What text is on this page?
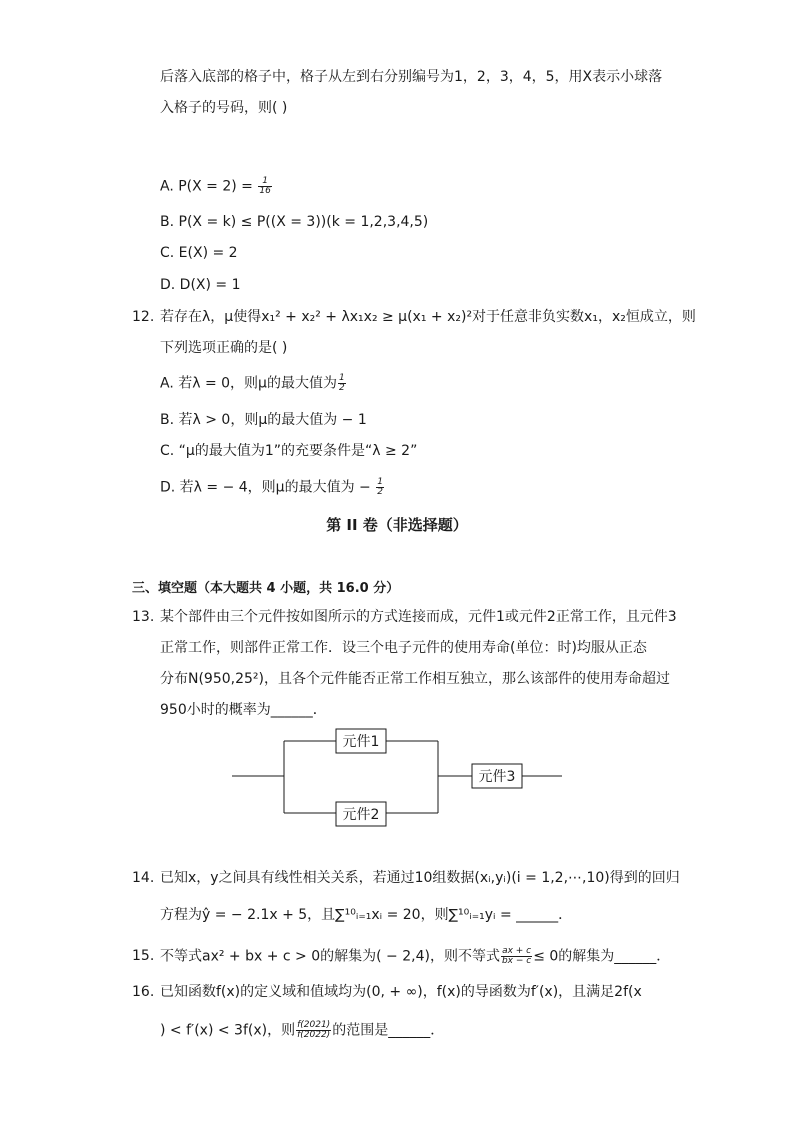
后落入底部的格子中，格子从左到右分别编号为1，2，3，4，5，用X表示小球落
入格子的号码，则( )
A. $P(X = 2) = \frac{1}{16}$
B. P(X = k) ≤ P((X = 3))(k = 1,2,3,4,5)
C. E(X) = 2
D. D(X) = 1
12. 若存在λ，μ使得x₁² + x₂² + λx₁x₂ ≥ μ(x₁ + x₂)²对于任意非负实数x₁，x₂恒成立，则
下列选项正确的是( )
A. 若λ = 0，则μ的最大值为 $\frac{1}{2}$
B. 若λ > 0，则μ的最大值为 − 1
C. “μ的最大值为1”的充要条件是“λ ≥ 2”
D. 若λ = − 4，则μ的最大值为 − $\frac{1}{2}$
第 II 卷（非选择题）
三、填空题（本大题共 4 小题，共 16.0 分）
13. 某个部件由三个元件按如图所示的方式连接而成，元件1或元件2正常工作，且元件3
正常工作，则部件正常工作．设三个电子元件的使用寿命(单位：时)均服从正态
分布N(950,25²)，且各个元件能否正常工作相互独立，那么该部件的使用寿命超过
950小时的概率为______．
元件1
元件2
元件3
14. 已知x，y之间具有线性相关关系，若通过10组数据(xᵢ,yᵢ)(i = 1,2,⋯,10)得到的回归
方程为ŷ = − 2.1x + 5，且∑¹⁰ᵢ₌₁xᵢ = 20，则∑¹⁰ᵢ₌₁yᵢ = ______．
15. 不等式ax² + bx + c > 0的解集为( − 2,4)，则不等式 $\frac{ax + c}{bx - c} \le 0$的解集为______．
16. 已知函数f(x)的定义域和值域均为(0, + ∞)，f(x)的导函数为f′(x)，且满足2f(x
) < f′(x) < 3f(x)，则 $\frac{f(2021)}{f(2022)}$ 的范围是______．
